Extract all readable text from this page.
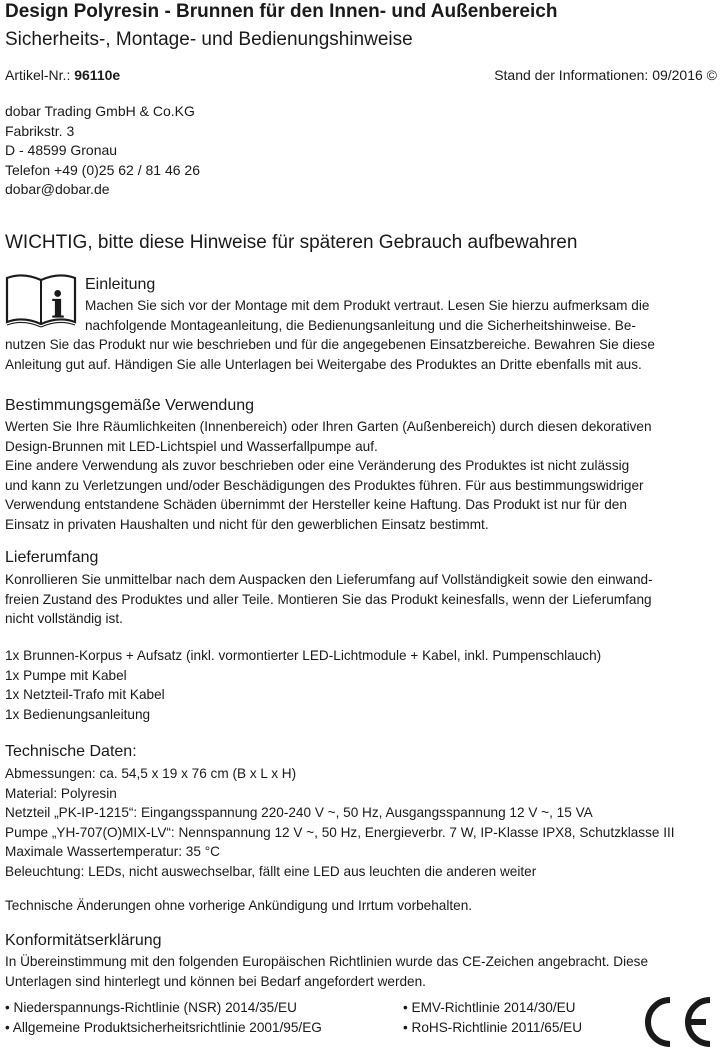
Design Polyresin - Brunnen für den Innen- und Außenbereich
Sicherheits-, Montage- und Bedienungshinweise
Artikel-Nr.: 96110e	Stand der Informationen: 09/2016 ©
dobar Trading GmbH & Co.KG
Fabrikstr. 3
D - 48599 Gronau
Telefon +49 (0)25 62 / 81 46 26
dobar@dobar.de
WICHTIG, bitte diese Hinweise für späteren Gebrauch aufbewahren
i
Einleitung
Machen Sie sich vor der Montage mit dem Produkt vertraut. Lesen Sie hierzu aufmerksam die
nachfolgende Montageanleitung, die Bedienungsanleitung und die Sicherheitshinweise. Be-
nutzen Sie das Produkt nur wie beschrieben und für die angegebenen Einsatzbereiche. Bewahren Sie diese
Anleitung gut auf. Händigen Sie alle Unterlagen bei Weitergabe des Produktes an Dritte ebenfalls mit aus.
Bestimmungsgemäße Verwendung
Werten Sie Ihre Räumlichkeiten (Innenbereich) oder Ihren Garten (Außenbereich) durch diesen dekorativen
Design-Brunnen mit LED-Lichtspiel und Wasserfallpumpe auf.
Eine andere Verwendung als zuvor beschrieben oder eine Veränderung des Produktes ist nicht zulässig
und kann zu Verletzungen und/oder Beschädigungen des Produktes führen. Für aus bestimmungswidriger
Verwendung entstandene Schäden übernimmt der Hersteller keine Haftung. Das Produkt ist nur für den
Einsatz in privaten Haushalten und nicht für den gewerblichen Einsatz bestimmt.
Lieferumfang
Konrollieren Sie unmittelbar nach dem Auspacken den Lieferumfang auf Vollständigkeit sowie den einwand-
freien Zustand des Produktes und aller Teile. Montieren Sie das Produkt keinesfalls, wenn der Lieferumfang
nicht vollständig ist.
1x Brunnen-Korpus + Aufsatz (inkl. vormontierter LED-Lichtmodule + Kabel, inkl. Pumpenschlauch)
1x Pumpe mit Kabel
1x Netzteil-Trafo mit Kabel
1x Bedienungsanleitung
Technische Daten:
Abmessungen: ca. 54,5 x 19 x 76 cm (B x L x H)
Material: Polyresin
Netzteil „PK-IP-1215“: Eingangsspannung 220-240 V ~, 50 Hz, Ausgangsspannung 12 V ~, 15 VA
Pumpe „YH-707(O)MIX-LV“: Nennspannung 12 V ~, 50 Hz, Energieverbr. 7 W, IP-Klasse IPX8, Schutzklasse III
Maximale Wassertemperatur: 35 °C
Beleuchtung: LEDs, nicht auswechselbar, fällt eine LED aus leuchten die anderen weiter
Technische Änderungen ohne vorherige Ankündigung und Irrtum vorbehalten.
Konformitätserklärung
In Übereinstimmung mit den folgenden Europäischen Richtlinien wurde das CE-Zeichen angebracht. Diese
Unterlagen sind hinterlegt und können bei Bedarf angefordert werden.
• Niederspannungs-Richtlinie (NSR) 2014/35/EU
• Allgemeine Produktsicherheitsrichtlinie 2001/95/EG
• EMV-Richtlinie 2014/30/EU
• RoHS-Richtlinie 2011/65/EU
